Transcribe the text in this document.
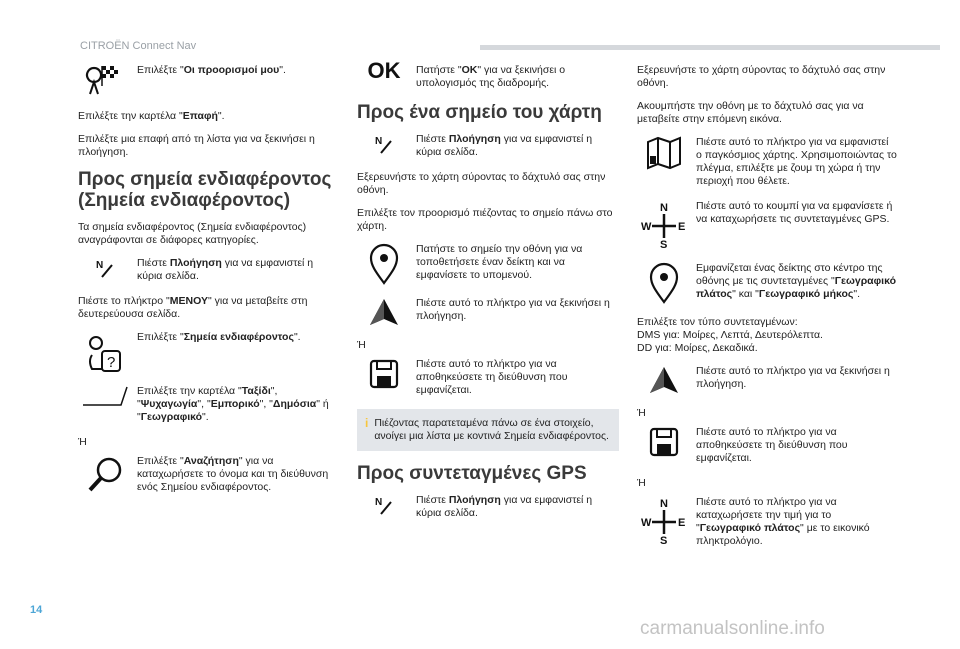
CITROËN Connect Nav
Επιλέξτε "Οι προορισμοί μου".

Επιλέξτε την καρτέλα "Επαφή".

Επιλέξτε μια επαφή από τη λίστα για να ξεκινήσει η πλοήγηση.

Προς σημεία ενδιαφέροντος (Σημεία ενδιαφέροντος)

Τα σημεία ενδιαφέροντος (Σημεία ενδιαφέροντος) αναγράφονται σε διάφορες κατηγορίες.

N	Πιέστε Πλοήγηση για να εμφανιστεί η κύρια σελίδα.

Πιέστε το πλήκτρο "ΜΕΝΟΥ" για να μεταβείτε στη δευτερεύουσα σελίδα.

?
Επιλέξτε "Σημεία ενδιαφέροντος".
Επιλέξτε την καρτέλα "Ταξίδι", "Ψυχαγωγία", "Εμπορικό", "Δημόσια" ή "Γεωγραφικό".

Ή

Επιλέξτε "Αναζήτηση" για να καταχωρήσετε το όνομα και τη διεύθυνση ενός Σημείου ενδιαφέροντος.
OK	Πατήστε "OK" για να ξεκινήσει ο υπολογισμός της διαδρομής.
Προς ένα σημείο του χάρτη
N	Πιέστε Πλοήγηση για να εμφανιστεί η κύρια σελίδα.

Εξερευνήστε το χάρτη σύροντας το δάχτυλό σας στην οθόνη.

Επιλέξτε τον προορισμό πιέζοντας το σημείο πάνω στο χάρτη.

Πατήστε το σημείο την οθόνη για να τοποθετήσετε έναν δείκτη και να εμφανίσετε το υπομενού.
Πιέστε αυτό το πλήκτρο για να ξεκινήσει η πλοήγηση.

Ή

Πιέστε αυτό το πλήκτρο για να αποθηκεύσετε τη διεύθυνση που εμφανίζεται.
i Πιέζοντας παρατεταμένα πάνω σε ένα στοιχείο, ανοίγει μια λίστα με κοντινά Σημεία ενδιαφέροντος.
Προς συντεταγμένες GPS
N	Πιέστε Πλοήγηση για να εμφανιστεί η κύρια σελίδα.

Εξερευνήστε το χάρτη σύροντας το δάχτυλό σας στην οθόνη.

Ακουμπήστε την οθόνη με το δάχτυλό σας για να μεταβείτε στην επόμενη εικόνα.

Πιέστε αυτό το πλήκτρο για να εμφανιστεί ο παγκόσμιος χάρτης. Χρησιμοποιώντας το πλέγμα, επιλέξτε με ζουμ τη χώρα ή την περιοχή που θέλετε.
N
W E
S
Πιέστε αυτό το κουμπί για να εμφανίσετε ή να καταχωρήσετε τις συντεταγμένες GPS.
Εμφανίζεται ένας δείκτης στο κέντρο της οθόνης με τις συντεταγμένες "Γεωγραφικό πλάτος" και "Γεωγραφικό μήκος".

Επιλέξτε τον τύπο συντεταγμένων:
DMS για: Μοίρες, Λεπτά, Δευτερόλεπτα.
DD για: Μοίρες, Δεκαδικά.

Πιέστε αυτό το πλήκτρο για να ξεκινήσει η πλοήγηση.

Ή

Πιέστε αυτό το πλήκτρο για να αποθηκεύσετε τη διεύθυνση που εμφανίζεται.

Ή

N
W E
S
Πιέστε αυτό το πλήκτρο για να καταχωρήσετε την τιμή για το "Γεωγραφικό πλάτος" με το εικονικό πληκτρολόγιο.
14
carmanualsonline.info
